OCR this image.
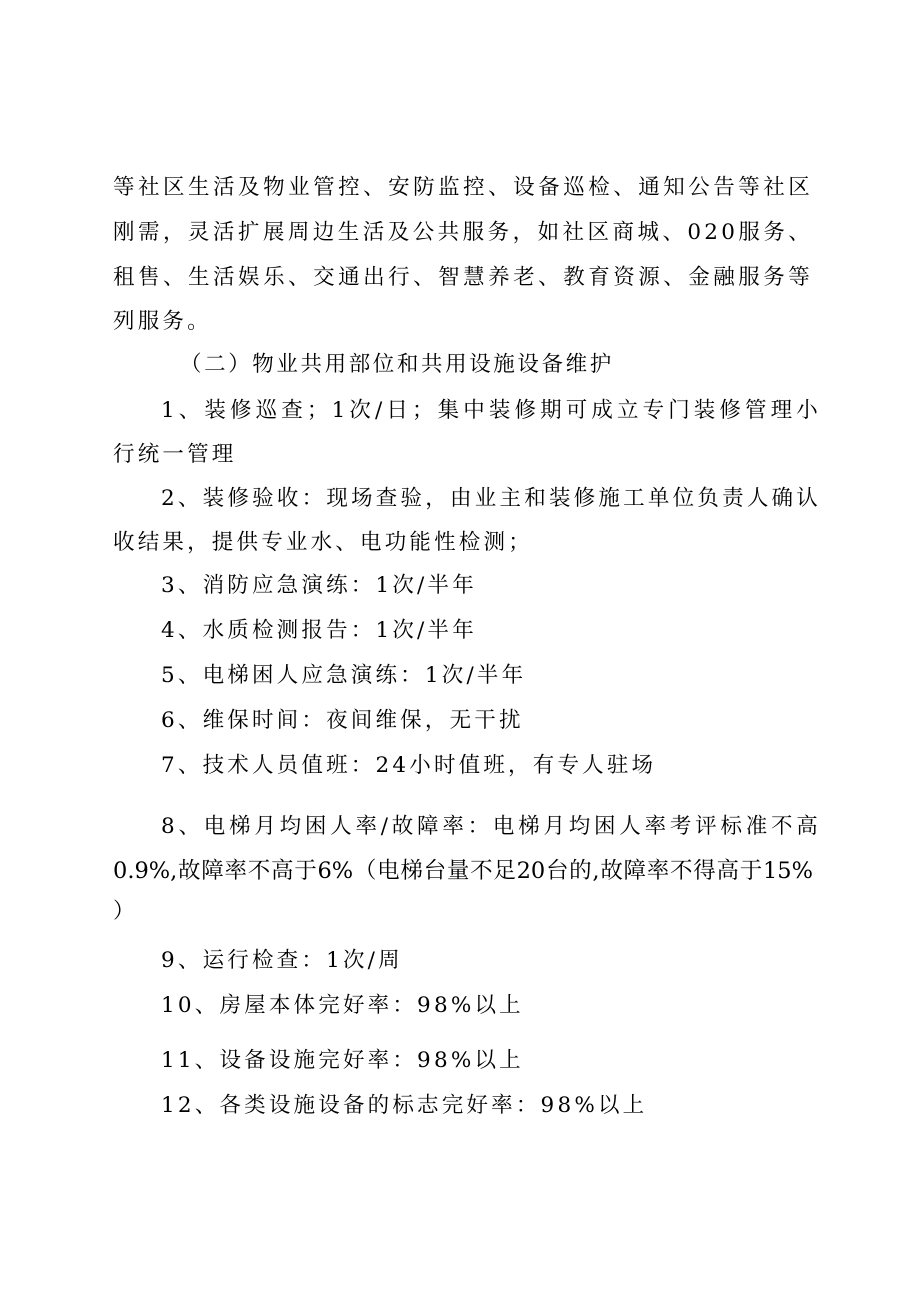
等社区生活及物业管控、安防监控、设备巡检、通知公告等社区
刚需，灵活扩展周边生活及公共服务，如社区商城、020服务、
租售、生活娱乐、交通出行、智慧养老、教育资源、金融服务等
列服务。
（二）物业共用部位和共用设施设备维护
1、装修巡查；1次/日；集中装修期可成立专门装修管理小
行统一管理
2、装修验收：现场查验，由业主和装修施工单位负责人确认
收结果，提供专业水、电功能性检测；
3、消防应急演练：1次/半年
4、水质检测报告：1次/半年
5、电梯困人应急演练：1次/半年
6、维保时间：夜间维保，无干扰
7、技术人员值班：24小时值班，有专人驻场
8、电梯月均困人率/故障率：电梯月均困人率考评标准不高
0.9%,故障率不高于6%（电梯台量不足20台的,故障率不得高于15%
）
9、运行检查：1次/周
10、房屋本体完好率：98%以上
11、设备设施完好率：98%以上
12、各类设施设备的标志完好率：98%以上
